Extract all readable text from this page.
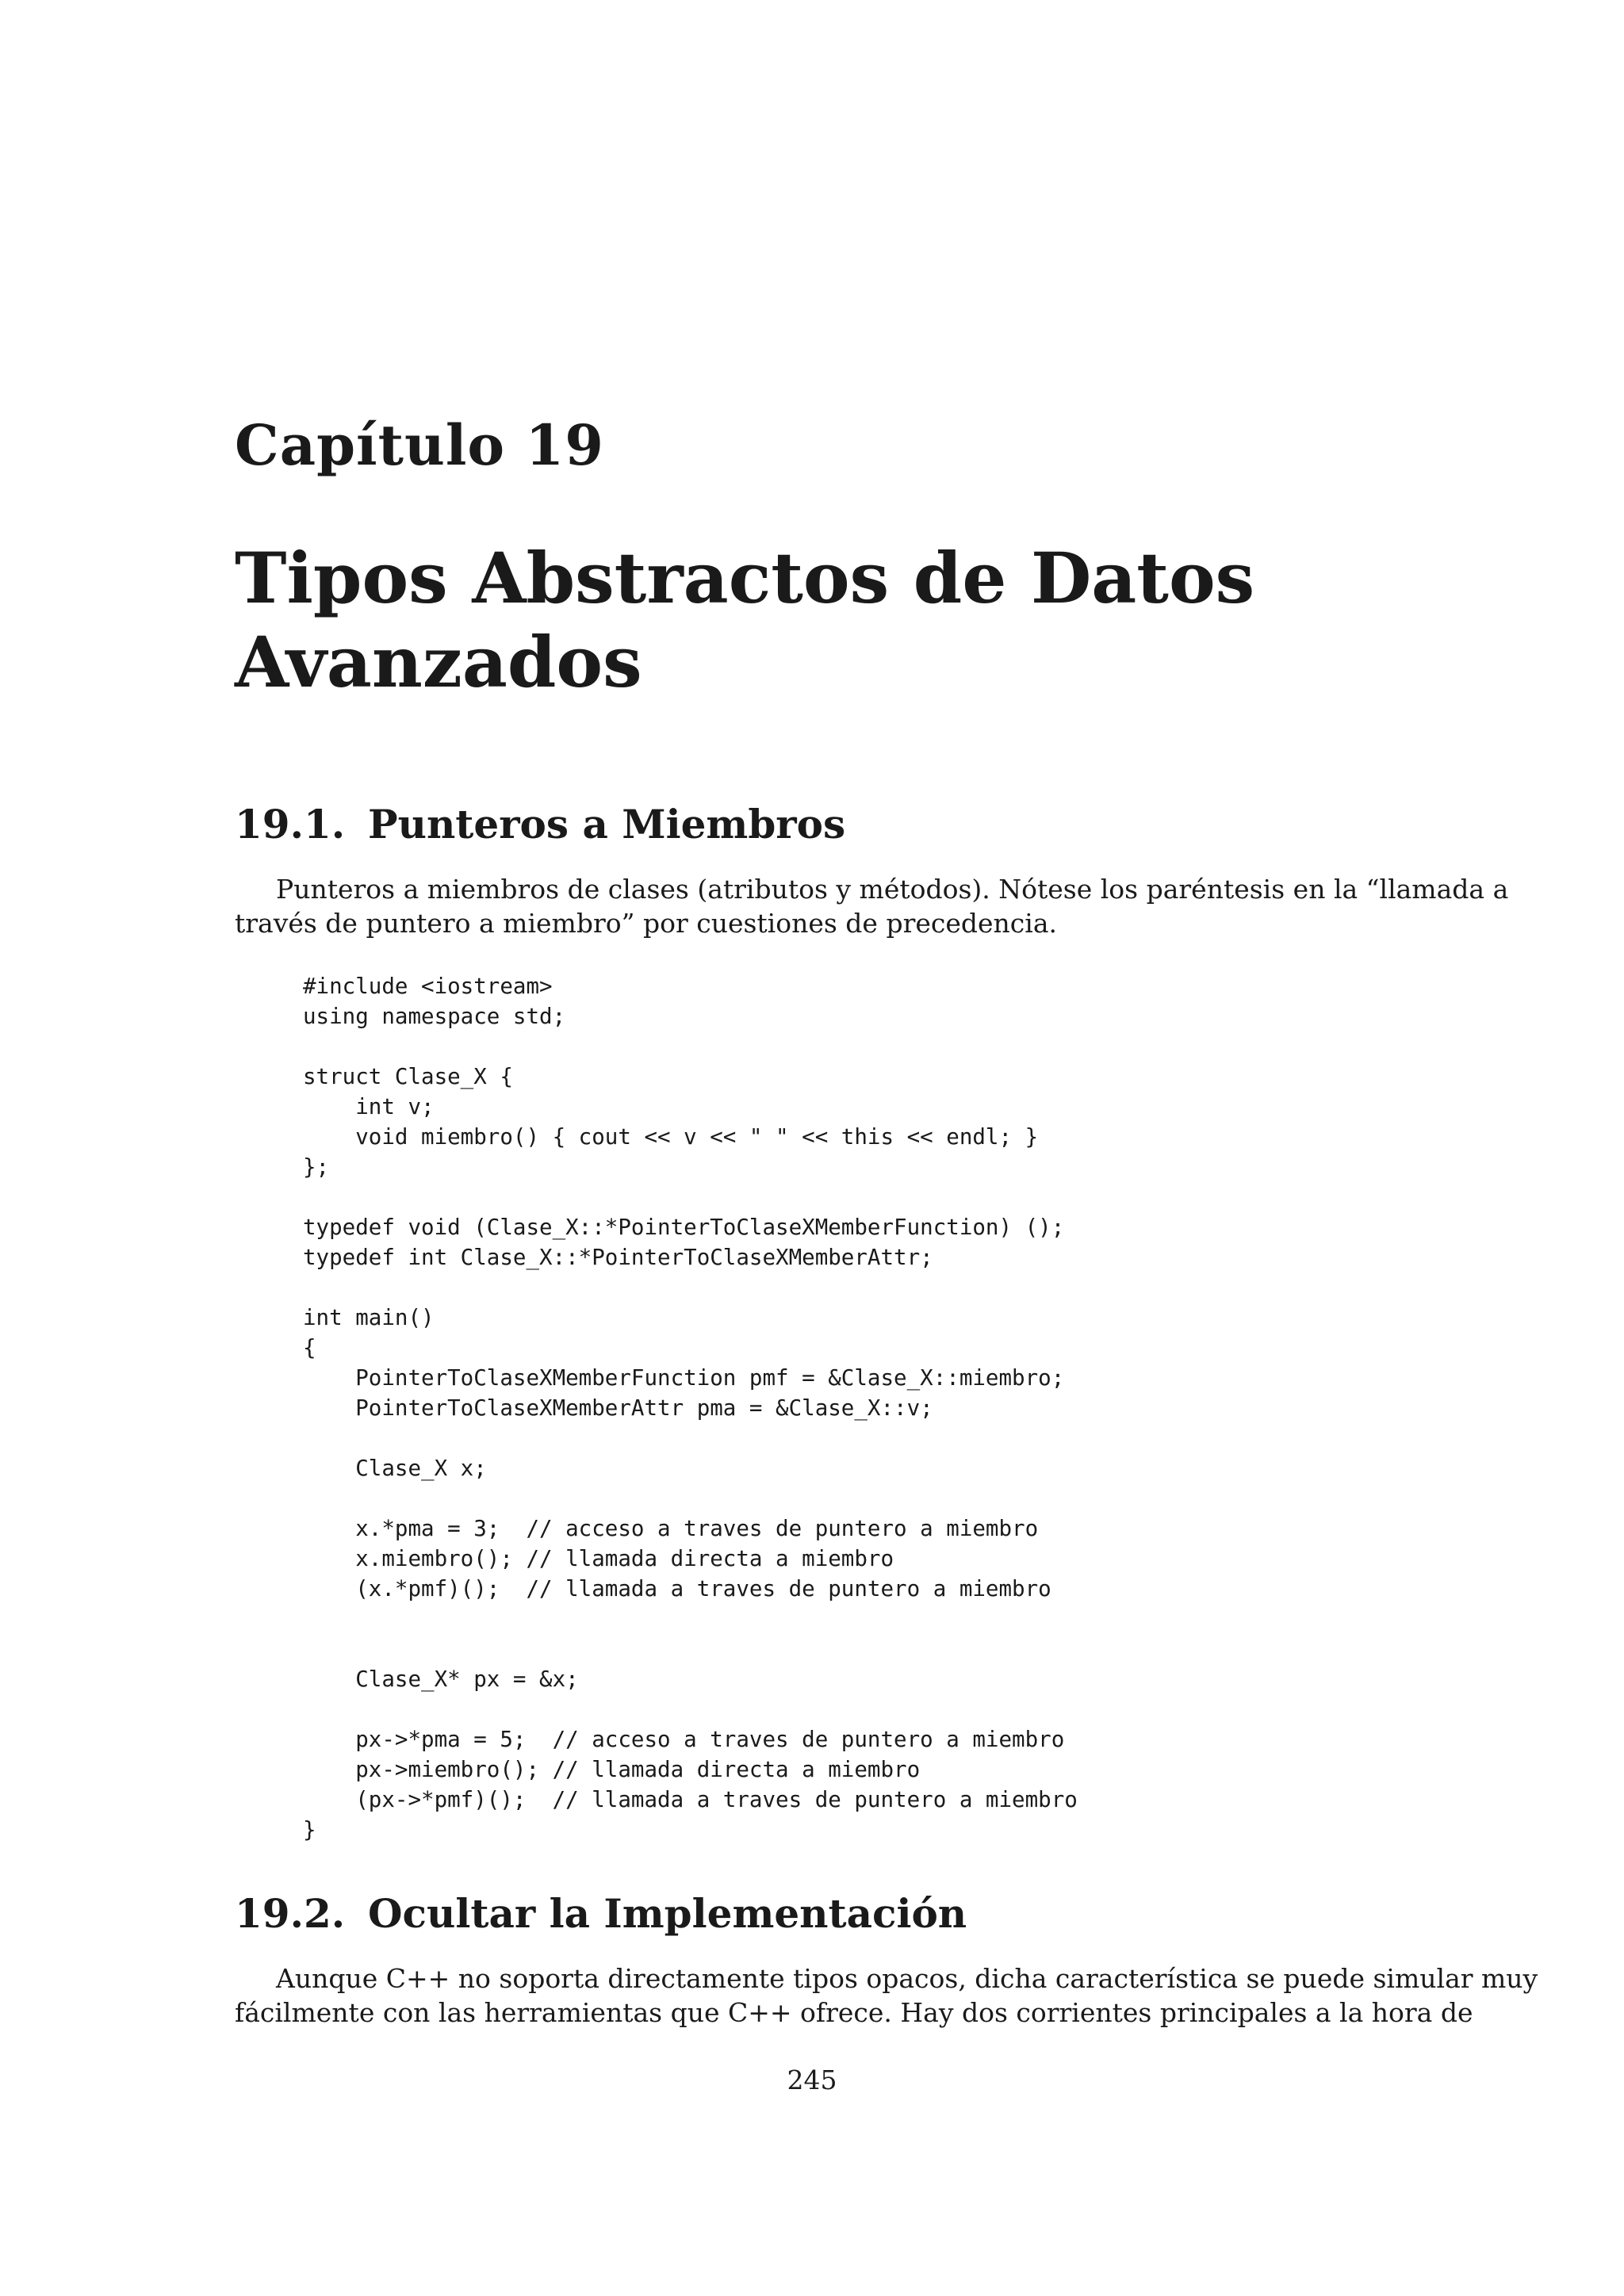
Capítulo 19
Tipos Abstractos de Datos
Avanzados
19.1. Punteros a Miembros

Punteros a miembros de clases (atributos y métodos). Nótese los paréntesis en la “llamada a
través de puntero a miembro” por cuestiones de precedencia.

#include <iostream>
using namespace std;
struct Clase_X {
int v;
void miembro() { cout << v << " " << this << endl; }
};
typedef void (Clase_X::*PointerToClaseXMemberFunction) ();
typedef int Clase_X::*PointerToClaseXMemberAttr;
int main()
{
PointerToClaseXMemberFunction pmf = &Clase_X::miembro;
PointerToClaseXMemberAttr pma = &Clase_X::v;
Clase_X x;
x.*pma = 3;  // acceso a traves de puntero a miembro
x.miembro(); // llamada directa a miembro
(x.*pmf)();  // llamada a traves de puntero a miembro
Clase_X* px = &x;
px->*pma = 5;  // acceso a traves de puntero a miembro
px->miembro(); // llamada directa a miembro
(px->*pmf)();  // llamada a traves de puntero a miembro
}
19.2. Ocultar la Implementación

Aunque C++ no soporta directamente tipos opacos, dicha característica se puede simular muy
fácilmente con las herramientas que C++ ofrece. Hay dos corrientes principales a la hora de

245
